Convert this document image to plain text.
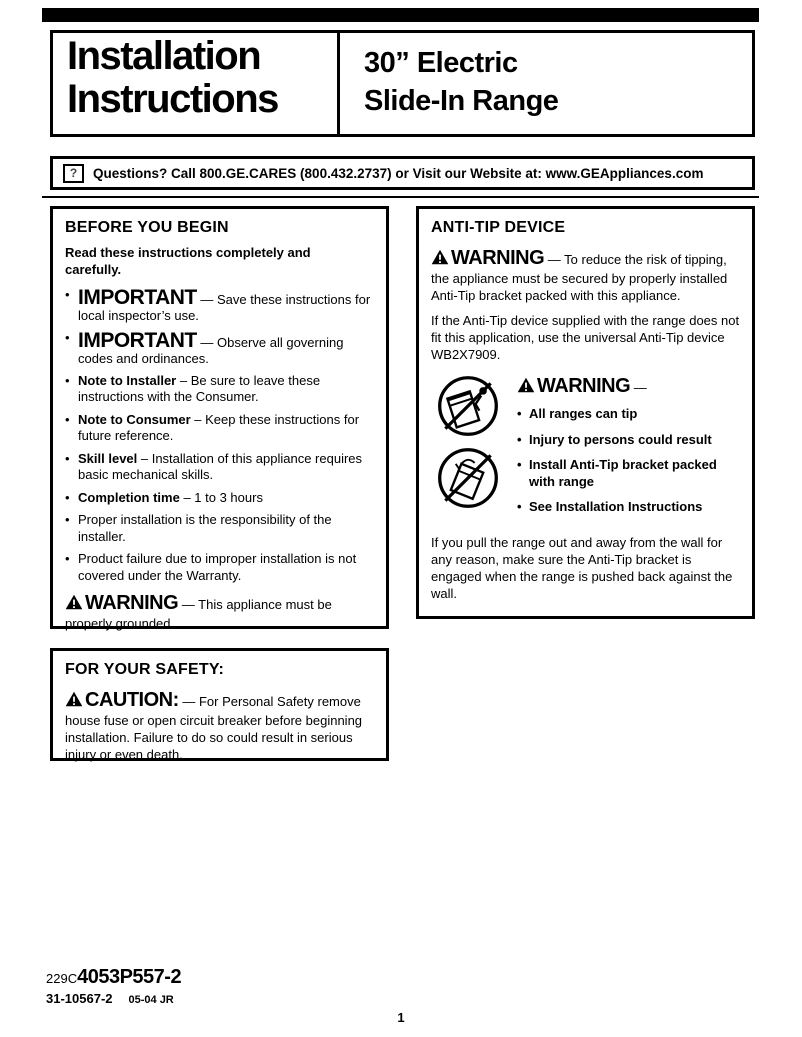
Installation
Instructions
30” Electric
Slide-In Range
?	Questions? Call 800.GE.CARES (800.432.2737) or Visit our Website at: www.GEAppliances.com
BEFORE YOU BEGIN

Read these instructions completely and carefully.

• IMPORTANT — Save these instructions for local inspector’s use.
• IMPORTANT — Observe all governing codes and ordinances.
• Note to Installer – Be sure to leave these instructions with the Consumer.
• Note to Consumer – Keep these instructions for future reference.
• Skill level – Installation of this appliance requires basic mechanical skills.
• Completion time – 1 to 3 hours
• Proper installation is the responsibility of the installer.
• Product failure due to improper installation is not covered under the Warranty.
WARNING — This appliance must be properly grounded.
ANTI-TIP DEVICE

WARNING — To reduce the risk of tipping, the appliance must be secured by properly installed Anti-Tip bracket packed with this appliance.

If the Anti-Tip device supplied with the range does not fit this application, use the universal Anti-Tip device WB2X7909.

WARNING —
• All ranges can tip
• Injury to persons could result
• Install Anti-Tip bracket packed with range
• See Installation Instructions

If you pull the range out and away from the wall for any reason, make sure the Anti-Tip bracket is engaged when the range is pushed back against the wall.

FOR YOUR SAFETY:

CAUTION: — For Personal Safety remove house fuse or open circuit breaker before beginning installation. Failure to do so could result in serious injury or even death.

229C4053P557-2
31-10567-2 05-04 JR
1
